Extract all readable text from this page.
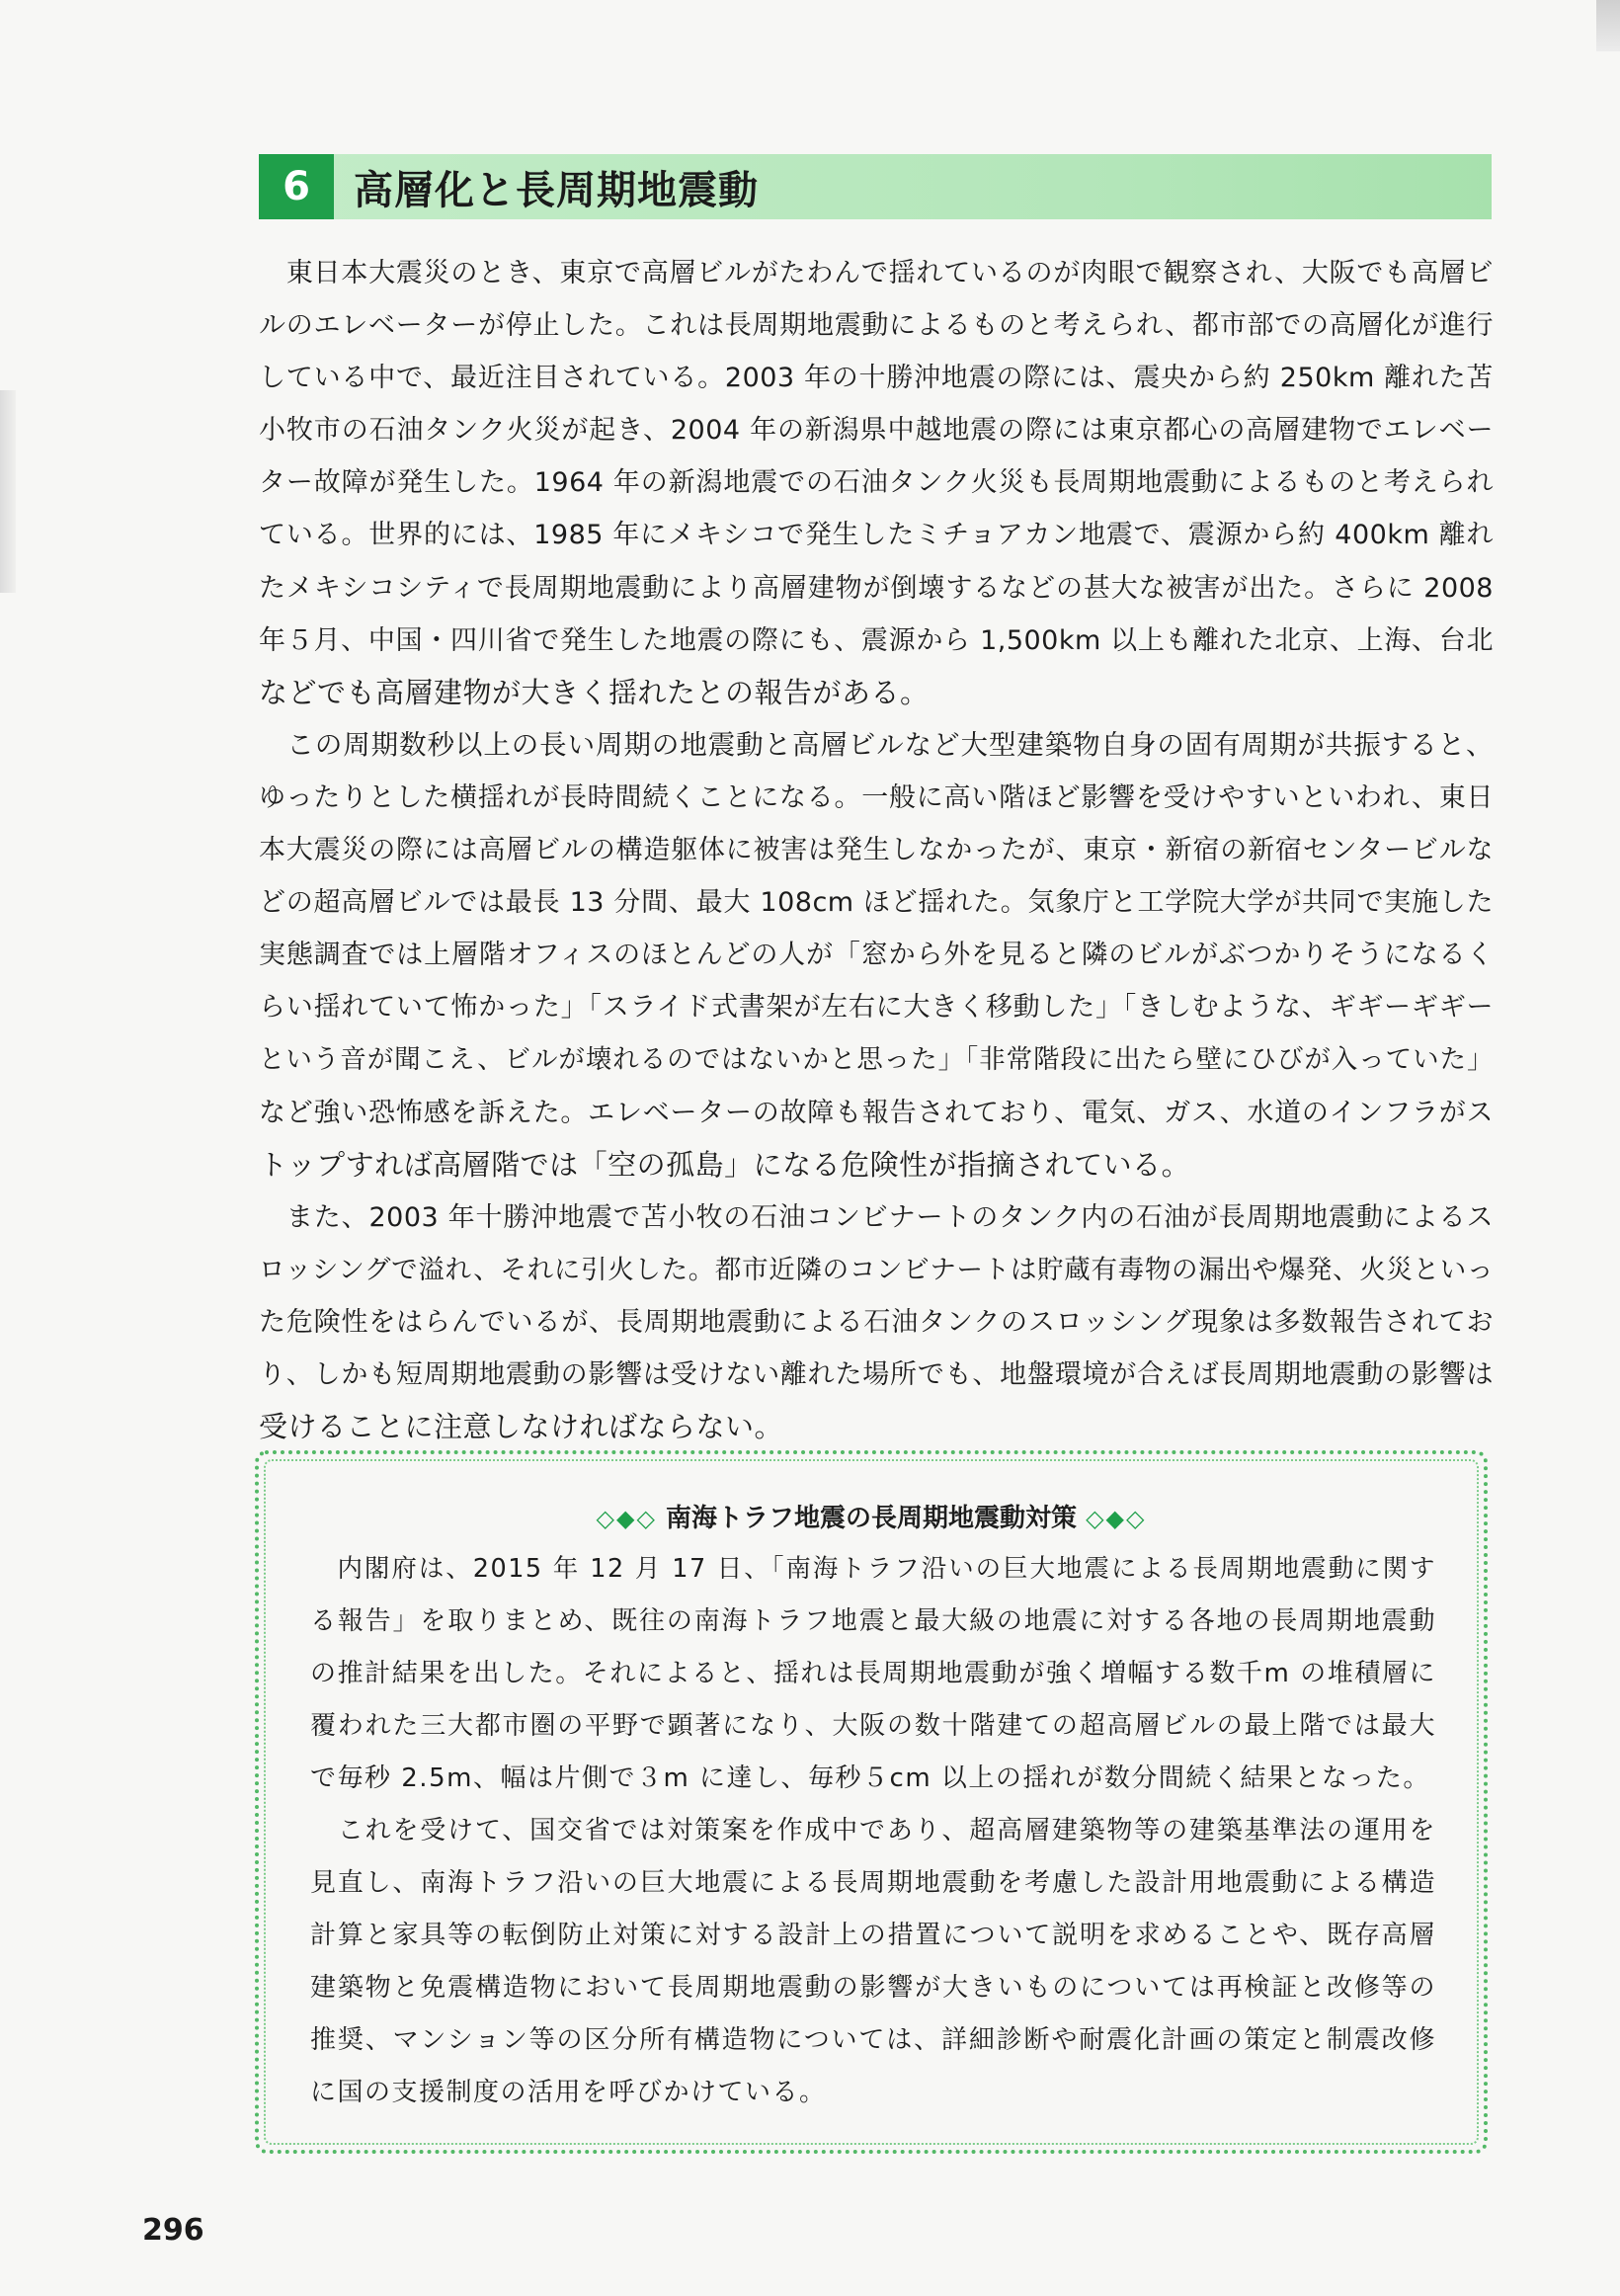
6	高層化と長周期地震動
　東日本大震災のとき、東京で高層ビルがたわんで揺れているのが肉眼で観察され、大阪でも高層ビ
ルのエレベーターが停止した。これは長周期地震動によるものと考えられ、都市部での高層化が進行
している中で、最近注目されている。2003 年の十勝沖地震の際には、震央から約 250km 離れた苫
小牧市の石油タンク火災が起き、2004 年の新潟県中越地震の際には東京都心の高層建物でエレベー
ター故障が発生した。1964 年の新潟地震での石油タンク火災も長周期地震動によるものと考えられ
ている。世界的には、1985 年にメキシコで発生したミチョアカン地震で、震源から約 400km 離れ
たメキシコシティで長周期地震動により高層建物が倒壊するなどの甚大な被害が出た。さらに 2008
年５月、中国・四川省で発生した地震の際にも、震源から 1,500km 以上も離れた北京、上海、台北
などでも高層建物が大きく揺れたとの報告がある。
　この周期数秒以上の長い周期の地震動と高層ビルなど大型建築物自身の固有周期が共振すると、
ゆったりとした横揺れが長時間続くことになる。一般に高い階ほど影響を受けやすいといわれ、東日
本大震災の際には高層ビルの構造躯体に被害は発生しなかったが、東京・新宿の新宿センタービルな
どの超高層ビルでは最長 13 分間、最大 108cm ほど揺れた。気象庁と工学院大学が共同で実施した
実態調査では上層階オフィスのほとんどの人が「窓から外を見ると隣のビルがぶつかりそうになるく
らい揺れていて怖かった」「スライド式書架が左右に大きく移動した」「きしむような、ギギーギギー
という音が聞こえ、ビルが壊れるのではないかと思った」「非常階段に出たら壁にひびが入っていた」
など強い恐怖感を訴えた。エレベーターの故障も報告されており、電気、ガス、水道のインフラがス
トップすれば高層階では「空の孤島」になる危険性が指摘されている。
　また、2003 年十勝沖地震で苫小牧の石油コンビナートのタンク内の石油が長周期地震動によるス
ロッシングで溢れ、それに引火した。都市近隣のコンビナートは貯蔵有毒物の漏出や爆発、火災といっ
た危険性をはらんでいるが、長周期地震動による石油タンクのスロッシング現象は多数報告されてお
り、しかも短周期地震動の影響は受けない離れた場所でも、地盤環境が合えば長周期地震動の影響は
受けることに注意しなければならない。
◇◆◇ 南海トラフ地震の長周期地震動対策 ◇◆◇
　内閣府は、2015 年 12 月 17 日、「南海トラフ沿いの巨大地震による長周期地震動に関す
る報告」を取りまとめ、既往の南海トラフ地震と最大級の地震に対する各地の長周期地震動
の推計結果を出した。それによると、揺れは長周期地震動が強く増幅する数千m の堆積層に
覆われた三大都市圏の平野で顕著になり、大阪の数十階建ての超高層ビルの最上階では最大
で毎秒 2.5m、幅は片側で３m に達し、毎秒５cm 以上の揺れが数分間続く結果となった。
　これを受けて、国交省では対策案を作成中であり、超高層建築物等の建築基準法の運用を
見直し、南海トラフ沿いの巨大地震による長周期地震動を考慮した設計用地震動による構造
計算と家具等の転倒防止対策に対する設計上の措置について説明を求めることや、既存高層
建築物と免震構造物において長周期地震動の影響が大きいものについては再検証と改修等の
推奨、マンション等の区分所有構造物については、詳細診断や耐震化計画の策定と制震改修
に国の支援制度の活用を呼びかけている。
296
